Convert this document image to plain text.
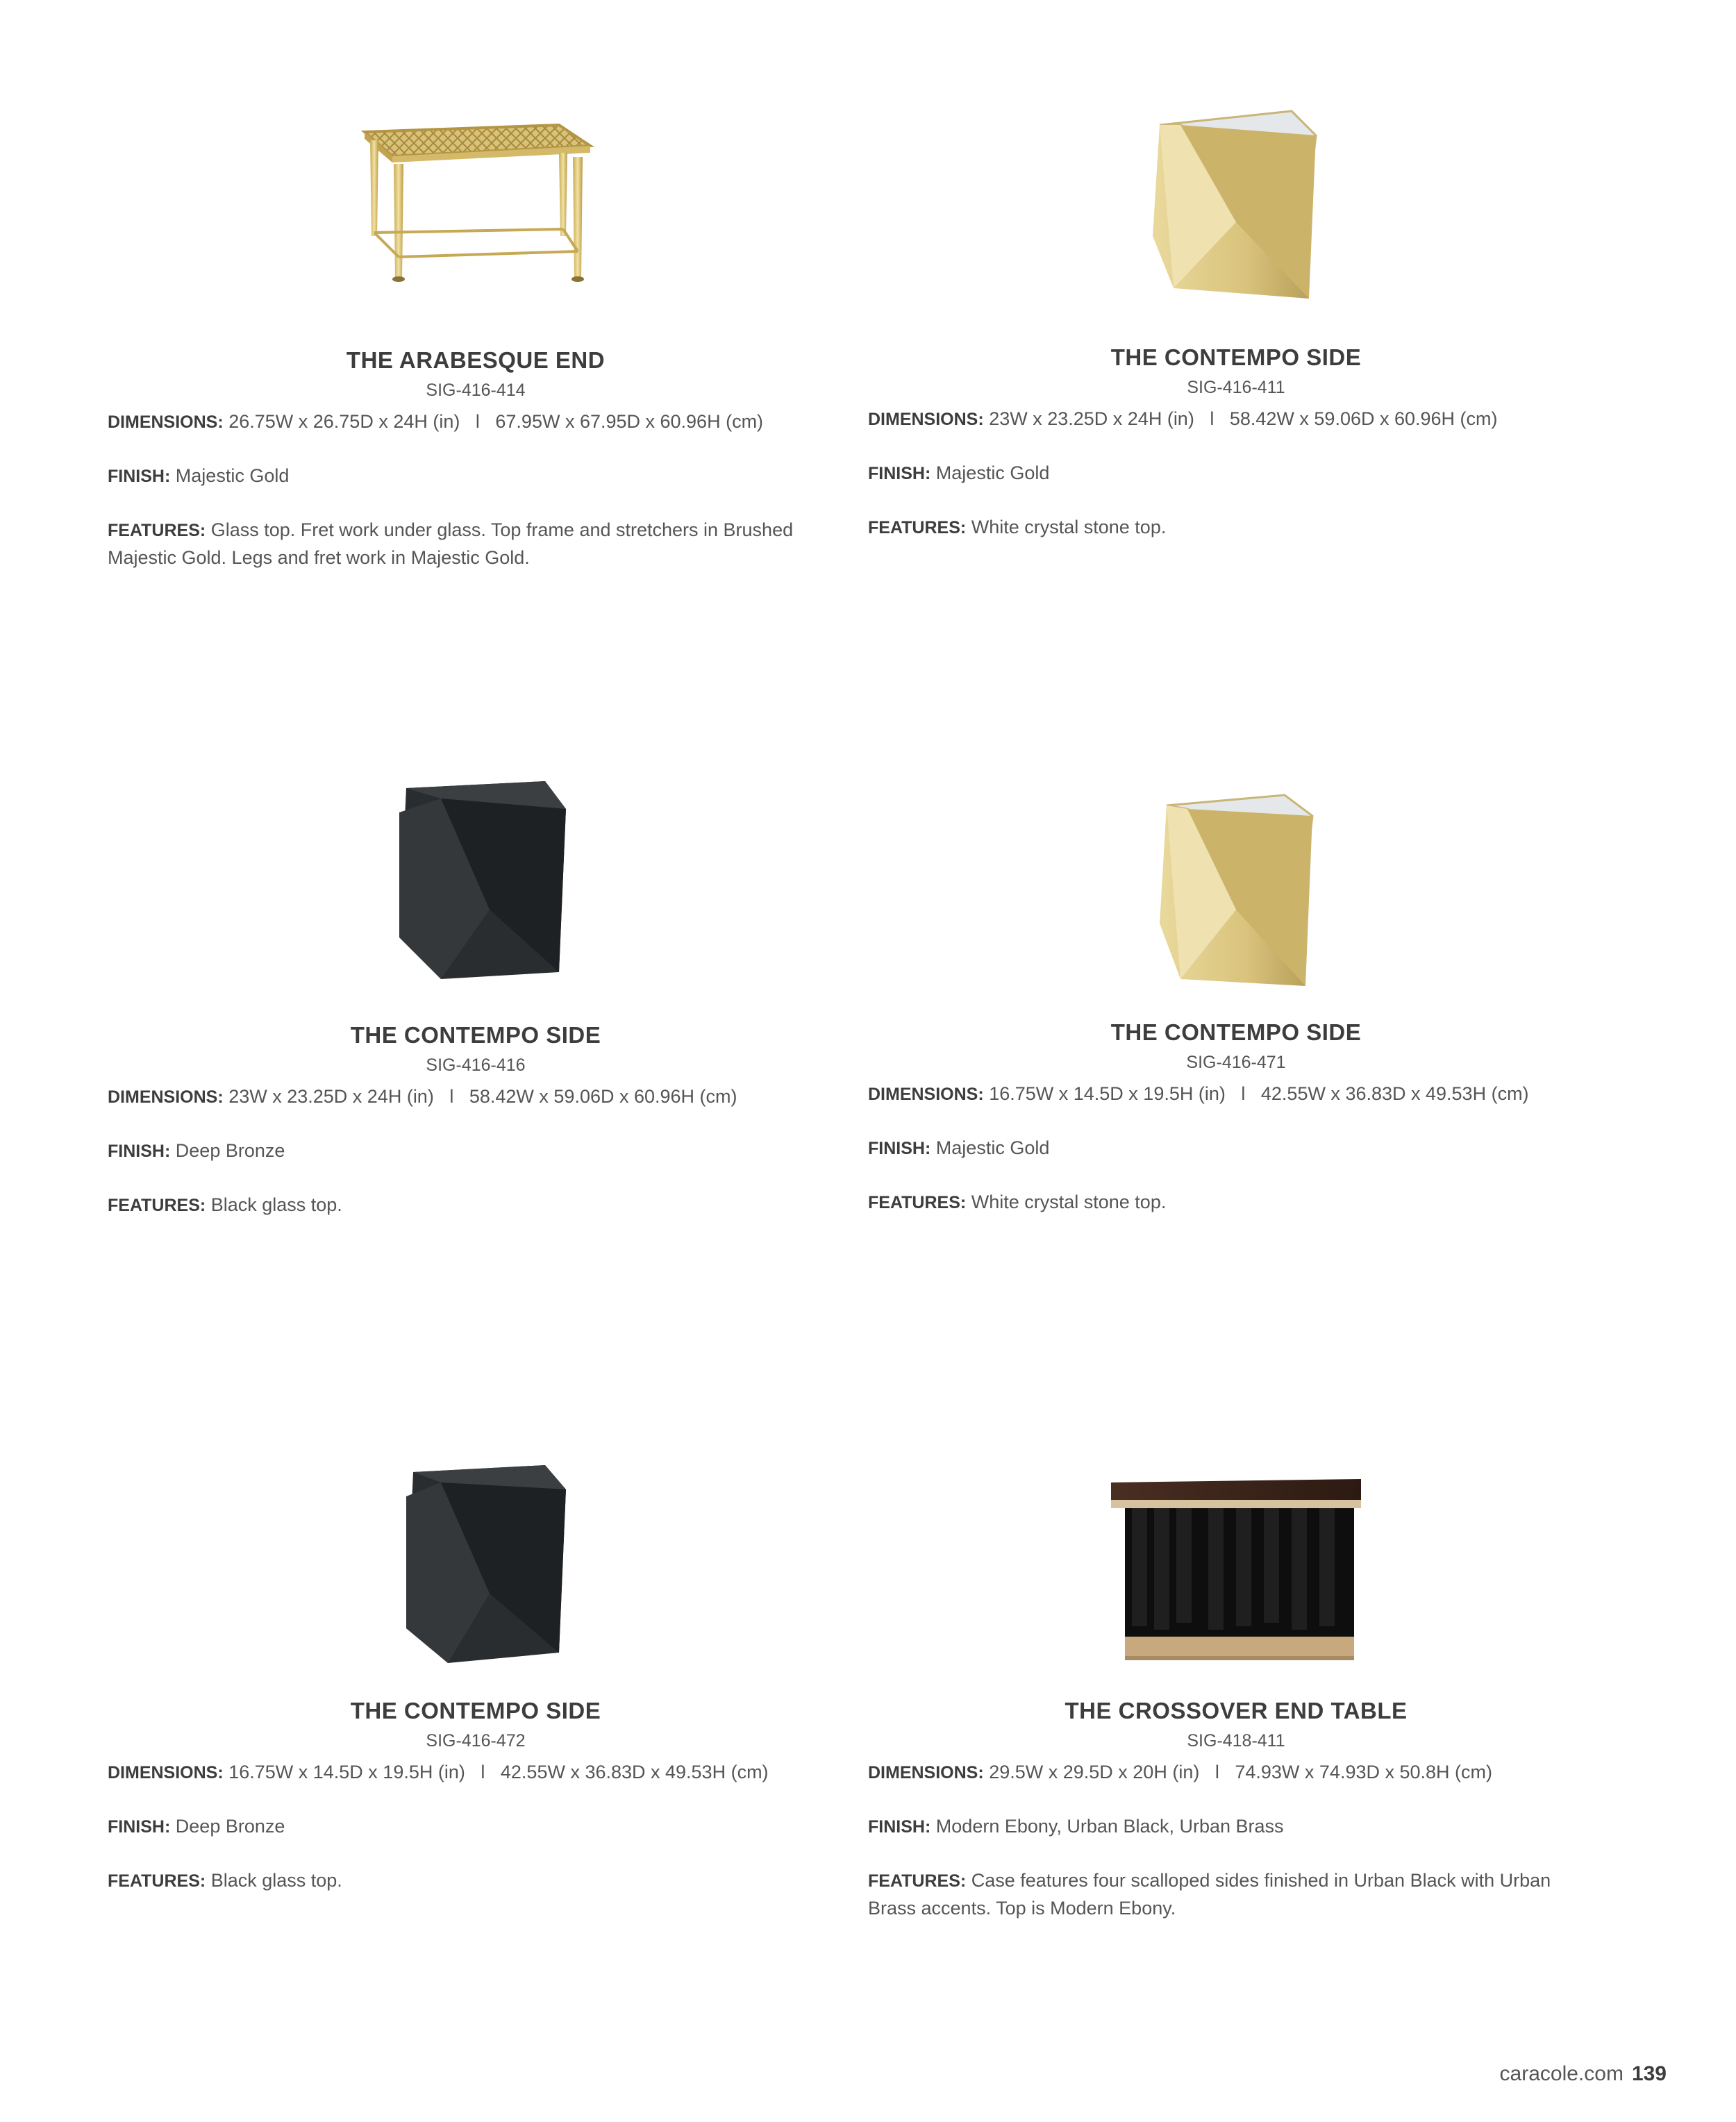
THE ARABESQUE END
SIG-416-414
DIMENSIONS: 26.75W x 26.75D x 24H (in) l 67.95W x 67.95D x 60.96H (cm)
FINISH: Majestic Gold
FEATURES: Glass top. Fret work under glass. Top frame and stretchers in Brushed Majestic Gold. Legs and fret work in Majestic Gold.
THE CONTEMPO SIDE
SIG-416-411
DIMENSIONS: 23W x 23.25D x 24H (in) l 58.42W x 59.06D x 60.96H (cm)
FINISH: Majestic Gold
FEATURES: White crystal stone top.
THE CONTEMPO SIDE
SIG-416-416
DIMENSIONS: 23W x 23.25D x 24H (in) l 58.42W x 59.06D x 60.96H (cm)
FINISH: Deep Bronze
FEATURES: Black glass top.
THE CONTEMPO SIDE
SIG-416-471
DIMENSIONS: 16.75W x 14.5D x 19.5H (in) l 42.55W x 36.83D x 49.53H (cm)
FINISH: Majestic Gold
FEATURES: White crystal stone top.
THE CONTEMPO SIDE
SIG-416-472
DIMENSIONS: 16.75W x 14.5D x 19.5H (in) l 42.55W x 36.83D x 49.53H (cm)
FINISH: Deep Bronze
FEATURES: Black glass top.
THE CROSSOVER END TABLE
SIG-418-411
DIMENSIONS: 29.5W x 29.5D x 20H (in) l 74.93W x 74.93D x 50.8H (cm)
FINISH: Modern Ebony, Urban Black, Urban Brass
FEATURES: Case features four scalloped sides finished in Urban Black with Urban Brass accents. Top is Modern Ebony.
caracole.com 139
